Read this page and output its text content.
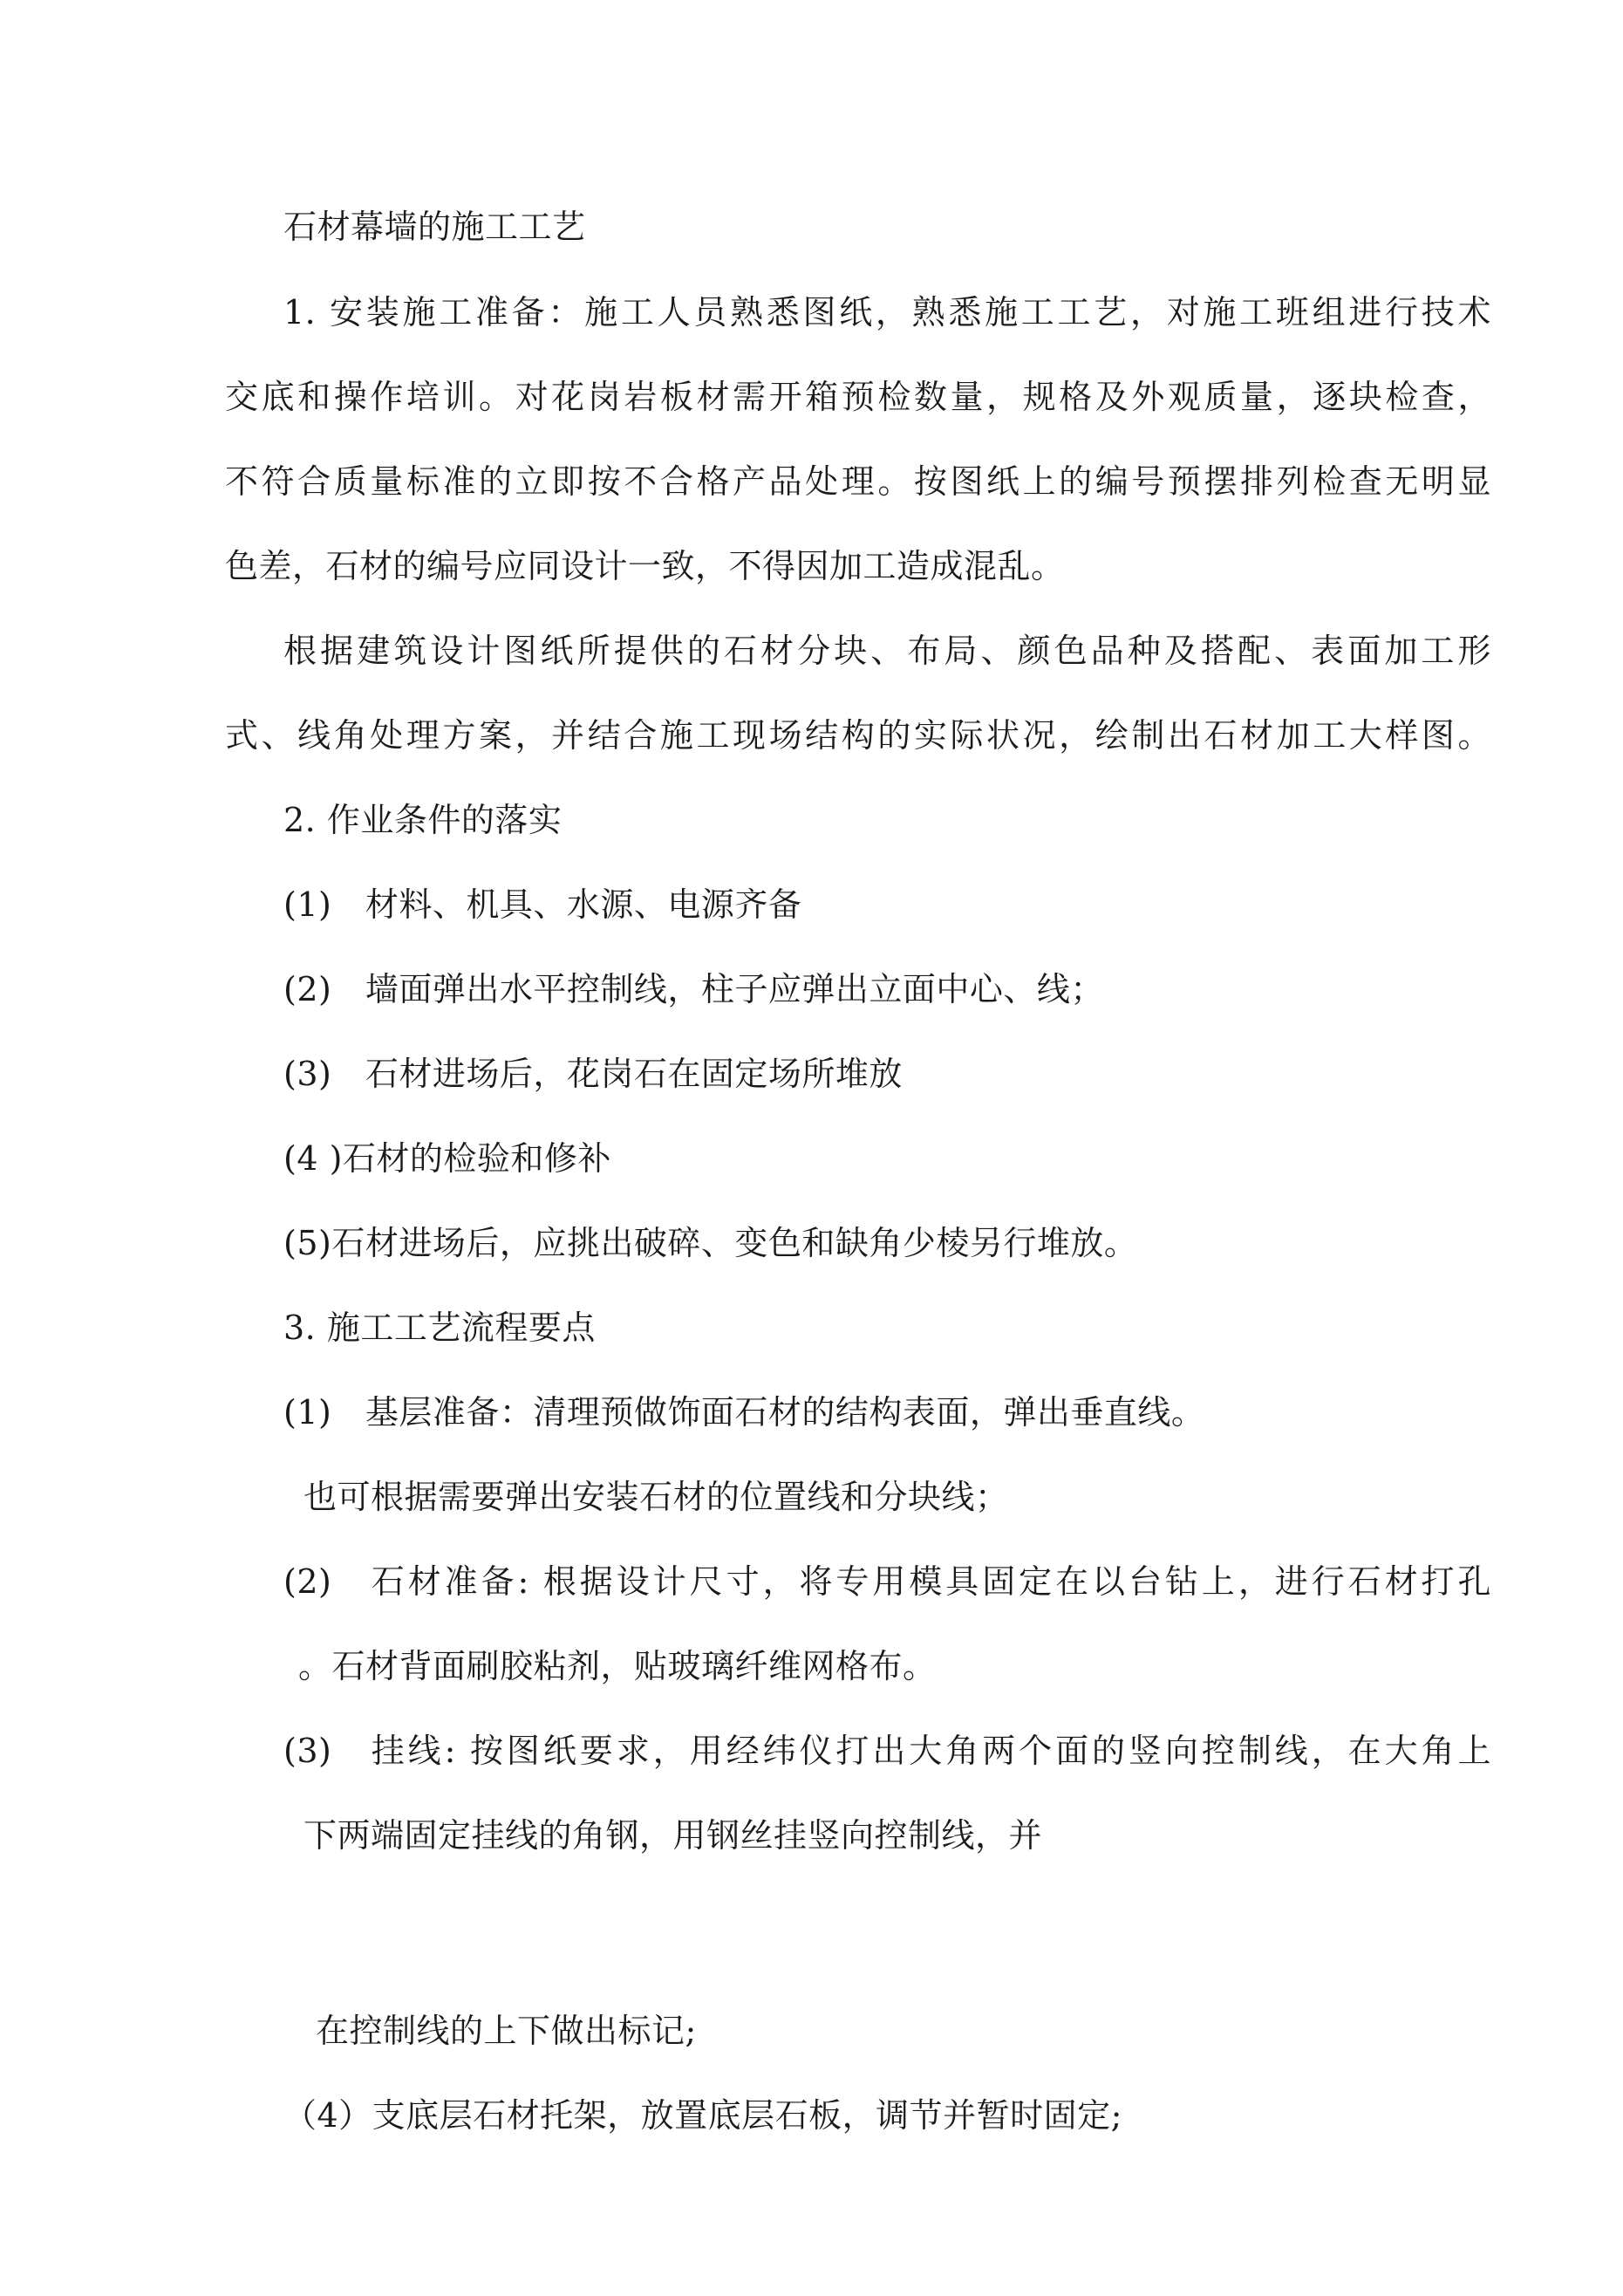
石材幕墙的施工工艺
1. 安装施工准备：施工人员熟悉图纸，熟悉施工工艺，对施工班组进行技术
交底和操作培训。对花岗岩板材需开箱预检数量，规格及外观质量，逐块检查，
不符合质量标准的立即按不合格产品处理。按图纸上的编号预摆排列检查无明显
色差，石材的编号应同设计一致，不得因加工造成混乱。
根据建筑设计图纸所提供的石材分块、布局、颜色品种及搭配、表面加工形
式、线角处理方案，并结合施工现场结构的实际状况，绘制出石材加工大样图。
2. 作业条件的落实
(1)　材料、机具、水源、电源齐备
(2)　墙面弹出水平控制线，柱子应弹出立面中心、线；
(3)　石材进场后，花岗石在固定场所堆放
(4 )石材的检验和修补
(5)石材进场后，应挑出破碎、变色和缺角少棱另行堆放。
3. 施工工艺流程要点
(1)　基层准备：清理预做饰面石材的结构表面，弹出垂直线。
也可根据需要弹出安装石材的位置线和分块线；
(2)　石材准备: 根据设计尺寸，将专用模具固定在以台钻上，进行石材打孔
。石材背面刷胶粘剂，贴玻璃纤维网格布。
(3)　挂线: 按图纸要求，用经纬仪打出大角两个面的竖向控制线，在大角上
下两端固定挂线的角钢，用钢丝挂竖向控制线，并
在控制线的上下做出标记;
（4）支底层石材托架，放置底层石板，调节并暂时固定;
